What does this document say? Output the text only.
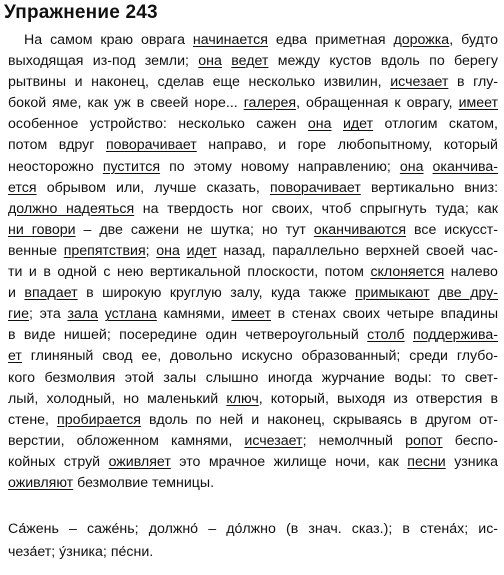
Упражнение 243
На самом краю оврага начинается едва приметная дорожка, будто
выходящая из-под земли; она ведет между кустов вдоль по берегу
рытвины и наконец, сделав еще несколько извилин, исчезает в глу-
бокой яме, как уж в свеей норе... галерея, обращенная к оврагу, имеет
особенное устройство: несколько сажен она идет отлогим скатом,
потом вдруг поворачивает направо, и горе любопытному, который
неосторожно пустится по этому новому направлению; она оканчива-
ется обрывом или, лучше сказать, поворачивает вертикально вниз:
должно надеяться на твердость ног своих, чтоб спрыгнуть туда; как
ни говори – две сажени не шутка; но тут оканчиваются все искусст-
венные препятствия; она идет назад, параллельно верхней своей час-
ти и в одной с нею вертикальной плоскости, потом склоняется налево
и впадает в широкую круглую залу, куда также примыкают две дру-
гие; эта зала устлана камнями, имеет в стенах своих четыре впадины
в виде нишей; посередине один четвероугольный столб поддержива-
ет глиняный свод ее, довольно искусно образованный; среди глубо-
кого безмолвия этой залы слышно иногда журчание воды: то свет-
лый, холодный, но маленький ключ, который, выходя из отверстия в
стене, пробирается вдоль по ней и наконец, скрываясь в другом от-
верстии, обложенном камнями, исчезает; немолчный ропот беспо-
койных струй оживляет это мрачное жилище ночи, как песни узника
оживляют безмолвие темницы.
Са́жень – саже́нь; должно́ – до́лжно (в знач. сказ.); в стена́х; ис-
чеза́ет; у́зника; пе́сни.
